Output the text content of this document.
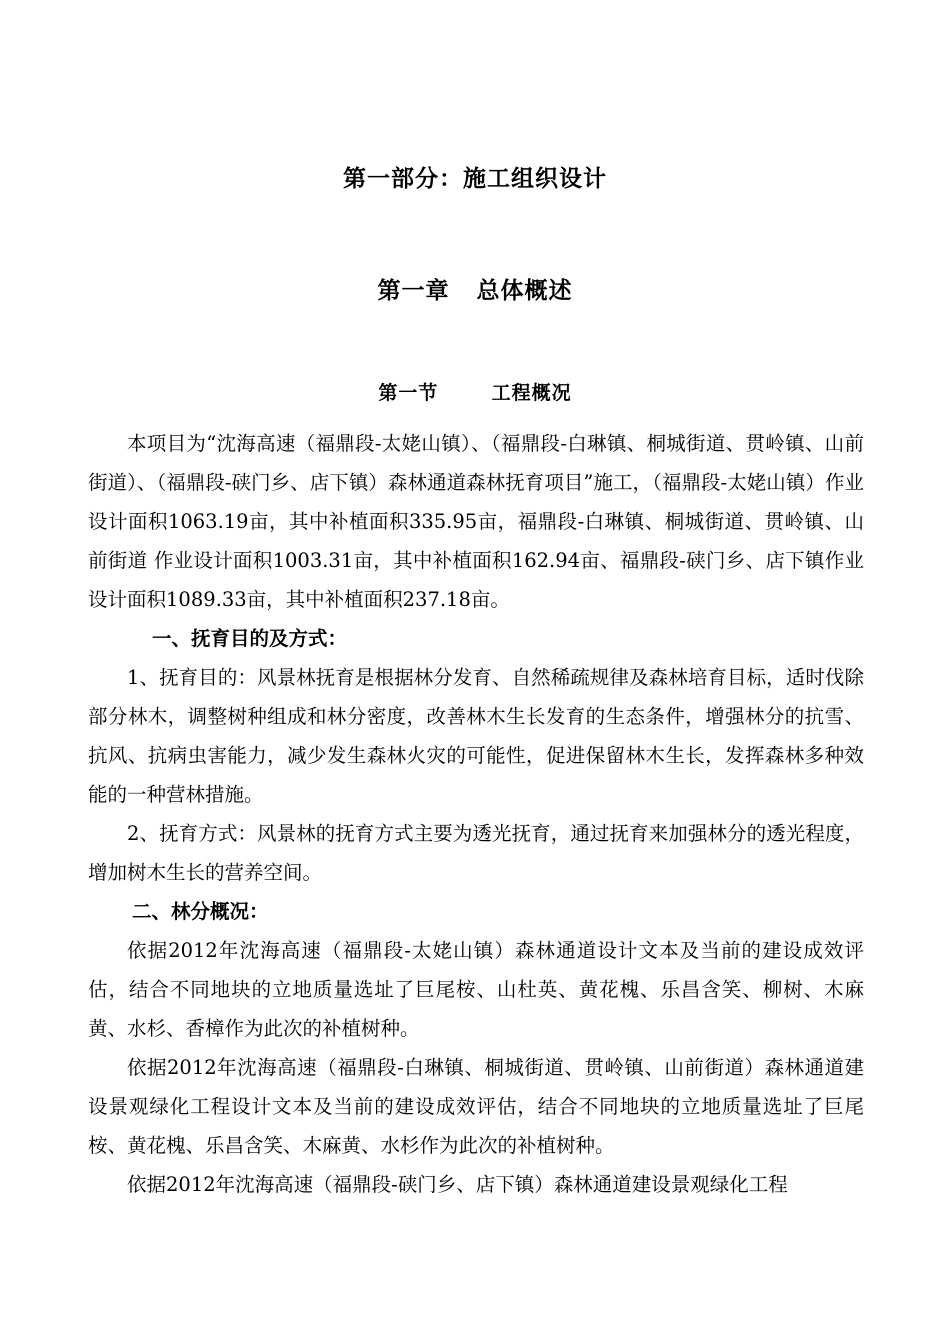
第一部分：施工组织设计
第一章 总体概述
第一节	工程概况

本项目为“沈海高速（福鼎段-太姥山镇）、（福鼎段-白琳镇、桐城街道、贯岭镇、山前街道）、（福鼎段-硖门乡、店下镇）森林通道森林抚育项目”施工，（福鼎段-太姥山镇）作业设计面积1063.19亩，其中补植面积335.95亩，福鼎段-白琳镇、桐城街道、贯岭镇、山前街道 作业设计面积1003.31亩，其中补植面积162.94亩、福鼎段-硖门乡、店下镇作业设计面积1089.33亩，其中补植面积237.18亩。

一、抚育目的及方式：

1、抚育目的：风景林抚育是根据林分发育、自然稀疏规律及森林培育目标，适时伐除部分林木，调整树种组成和林分密度，改善林木生长发育的生态条件，增强林分的抗雪、抗风、抗病虫害能力，减少发生森林火灾的可能性，促进保留林木生长，发挥森林多种效能的一种营林措施。

2、抚育方式：风景林的抚育方式主要为透光抚育，通过抚育来加强林分的透光程度，增加树木生长的营养空间。

二、林分概况：

依据2012年沈海高速（福鼎段-太姥山镇）森林通道设计文本及当前的建设成效评估，结合不同地块的立地质量选址了巨尾桉、山杜英、黄花槐、乐昌含笑、柳树、木麻黄、水杉、香樟作为此次的补植树种。

依据2012年沈海高速（福鼎段-白琳镇、桐城街道、贯岭镇、山前街道）森林通道建设景观绿化工程设计文本及当前的建设成效评估，结合不同地块的立地质量选址了巨尾桉、黄花槐、乐昌含笑、木麻黄、水杉作为此次的补植树种。

依据2012年沈海高速（福鼎段-硖门乡、店下镇）森林通道建设景观绿化工程
